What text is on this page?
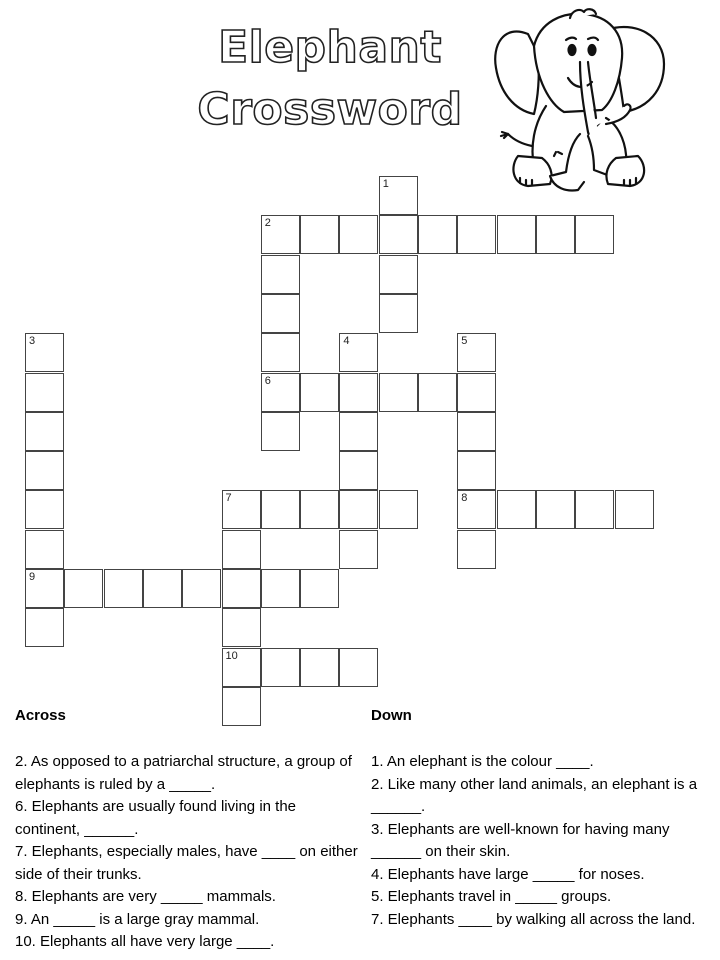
Elephant
Crossword
1
2
6
3
9
4	5
8
7
10
Across	Down
2. As opposed to a patriarchal structure, a group of elephants is ruled by a _____.
6. Elephants are usually found living in the continent, ______.
7. Elephants, especially males, have ____ on either side of their trunks.
8. Elephants are very _____ mammals.
9. An _____ is a large gray mammal.
10. Elephants all have very large ____.
1. An elephant is the colour ____.
2. Like many other land animals, an elephant is a ______.
3. Elephants are well-known for having many ______ on their skin.
4. Elephants have large _____ for noses.
5. Elephants travel in _____ groups.
7. Elephants ____ by walking all across the land.
